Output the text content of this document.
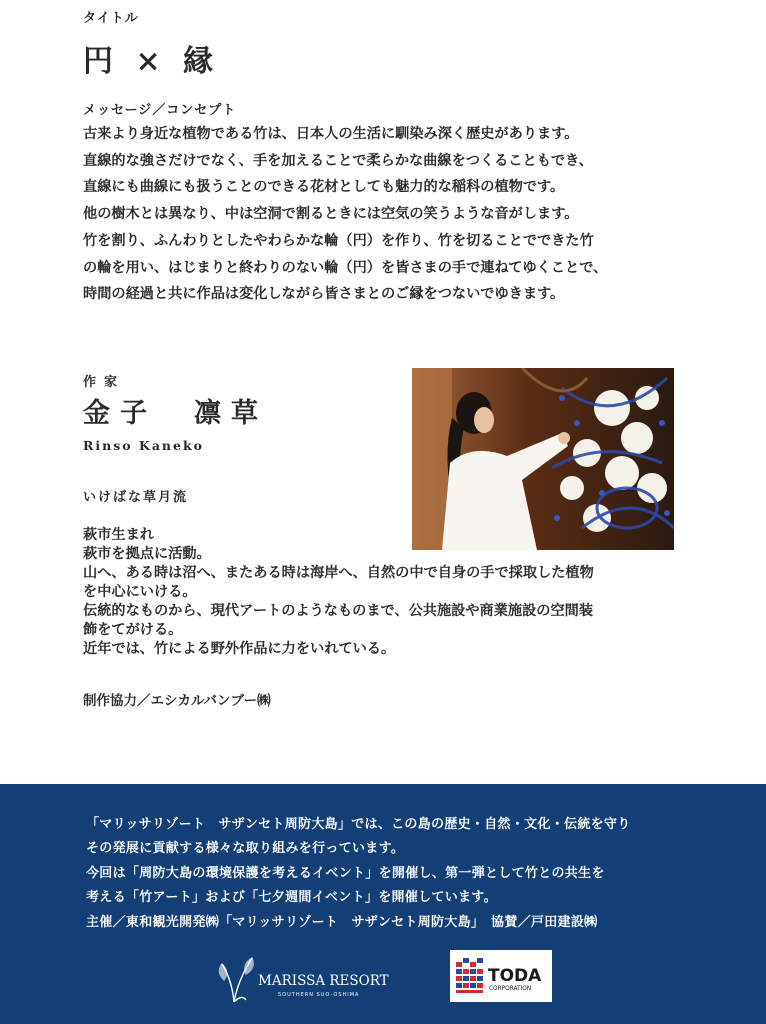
タイトル
円 × 縁
メッセージ／コンセプト
古来より身近な植物である竹は、日本人の生活に馴染み深く歴史があります。
直線的な強さだけでなく、手を加えることで柔らかな曲線をつくることもでき、
直線にも曲線にも扱うことのできる花材としても魅力的な稲科の植物です。
他の樹木とは異なり、中は空洞で割るときには空気の笑うような音がします。
竹を割り、ふんわりとしたやわらかな輪（円）を作り、竹を切ることでできた竹
の輪を用い、はじまりと終わりのない輪（円）を皆さまの手で連ねてゆくことで、
時間の経過と共に作品は変化しながら皆さまとのご縁をつないでゆきます。
作家
金子　凛草
Rinso Kaneko
いけばな草月流
萩市生まれ
萩市を拠点に活動。
山へ、ある時は沼へ、またある時は海岸へ、自然の中で自身の手で採取した植物
を中心にいける。
伝統的なものから、現代アートのようなものまで、公共施設や商業施設の空間装
飾をてがける。
近年では、竹による野外作品に力をいれている。
制作協力／エシカルバンブー㈱
「マリッサリゾート　サザンセト周防大島」では、この島の歴史・自然・文化・伝統を守り
その発展に貢献する様々な取り組みを行っています。
今回は「周防大島の環境保護を考えるイベント」を開催し、第一弾として竹との共生を
考える「竹アート」および「七夕週間イベント」を開催しています。
主催／東和観光開発㈱「マリッサリゾート　サザンセト周防大島」　協賛／戸田建設㈱
MARISSA RESORT
SOUTHERN SUO-OSHIMA
TODA
CORPORATION
